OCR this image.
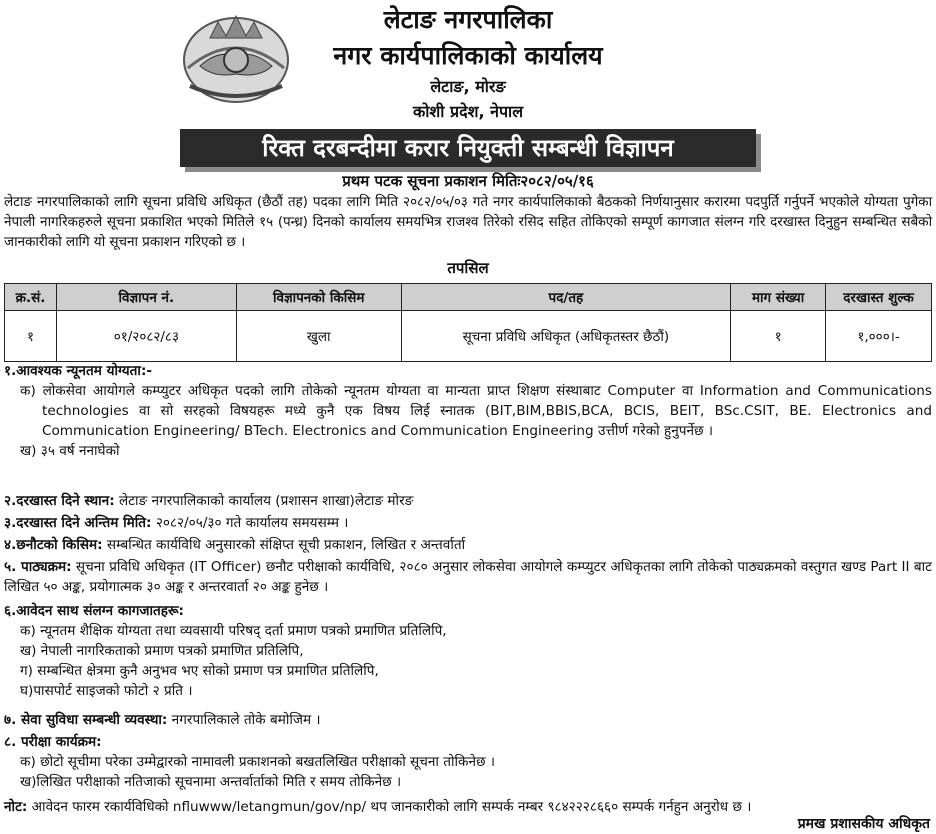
लेटाङ नगरपालिका
नगर कार्यपालिकाको कार्यालय
लेटाङ, मोरङ
कोशी प्रदेश, नेपाल
रिक्त दरबन्दीमा करार नियुक्ती सम्बन्धी विज्ञापन
प्रथम पटक सूचना प्रकाशन मितिः२०८२/०५/१६
लेटाङ नगरपालिकाको लागि सूचना प्रविधि अधिकृत (छैठौं तह) पदका लागि मिति २०८२/०५/०३ गते नगर कार्यपालिकाको बैठकको निर्णयानुसार करारमा पदपुर्ति गर्नुपर्ने भएकोले योग्यता पुगेका नेपाली नागरिकहरुले सूचना प्रकाशित भएको मितिले १५ (पन्ध्र) दिनको कार्यालय समयभित्र राजश्व तिरेको रसिद सहित तोकिएको सम्पूर्ण कागजात संलग्न गरि दरखास्त दिनुहुन सम्बन्धित सबैको जानकारीको लागि यो सूचना प्रकाशन गरिएको छ ।
तपसिल
क्र.सं.	विज्ञापन नं.	विज्ञापनको किसिम	पद/तह	माग संख्या	दरखास्त शुल्क
१	०१/२०८२/८३	खुला	सूचना प्रविधि अधिकृत (अधिकृतस्तर छैठौं)	१	१,०००।-
१.आवश्यक न्यूनतम योग्यता:-
क) लोकसेवा आयोगले कम्प्युटर अधिकृत पदको लागि तोकेको न्यूनतम योग्यता वा मान्यता प्राप्त शिक्षण संस्थाबाट Computer वा Information and Communications technologies वा सो सरहको विषयहरू मध्ये कुनै एक विषय लिई स्नातक (BIT,BIM,BBIS,BCA, BCIS, BEIT, BSc.CSIT, BE. Electronics and Communication Engineering/ BTech. Electronics and Communication Engineering उत्तीर्ण गरेको हुनुपर्नेछ ।
ख) ३५ वर्ष ननाघेको
२.दरखास्त दिने स्थान: लेटाङ नगरपालिकाको कार्यालय (प्रशासन शाखा)लेटाङ मोरङ
३.दरखास्त दिने अन्तिम मिति: २०८२/०५/३० गते कार्यालय समयसम्म ।
४.छनौटको किसिम: सम्बन्धित कार्यविधि अनुसारको संक्षिप्त सूची प्रकाशन, लिखित र अन्तर्वार्ता
५. पाठ्यक्रम: सूचना प्रविधि अधिकृत (IT Officer) छनौट परीक्षाको कार्यविधि, २०८० अनुसार लोकसेवा आयोगले कम्प्युटर अधिकृतका लागि तोकेको पाठ्यक्रमको वस्तुगत खण्ड Part II बाट लिखित ५० अङ्क, प्रयोगात्मक ३० अङ्क र अन्तरवार्ता २० अङ्क हुनेछ ।
६.आवेदन साथ संलग्न कागजातहरू:
क) न्यूनतम शैक्षिक योग्यता तथा व्यवसायी परिषद् दर्ता प्रमाण पत्रको प्रमाणित प्रतिलिपि,
ख) नेपाली नागरिकताको प्रमाण पत्रको प्रमाणित प्रतिलिपि,
ग) सम्बन्धित क्षेत्रमा कुनै अनुभव भए सोको प्रमाण पत्र प्रमाणित प्रतिलिपि,
घ)पासपोर्ट साइजको फोटो २ प्रति ।
७. सेवा सुविधा सम्बन्धी व्यवस्था: नगरपालिकाले तोके बमोजिम ।
८. परीक्षा कार्यक्रम:
क) छोटो सूचीमा परेका उम्मेद्वारको नामावली प्रकाशनको बखतलिखित परीक्षाको सूचना तोकिनेछ ।
ख)लिखित परीक्षाको नतिजाको सूचनामा अन्तर्वार्ताको मिति र समय तोकिनेछ ।
नोट: आवेदन फारम रकार्यविधिको nfluwww/letangmun/gov/np/ थप जानकारीको लागि सम्पर्क नम्बर ९८४२२२८६६० सम्पर्क गर्नहुन अनुरोध छ ।
प्रमख प्रशासकीय अधिकृत
